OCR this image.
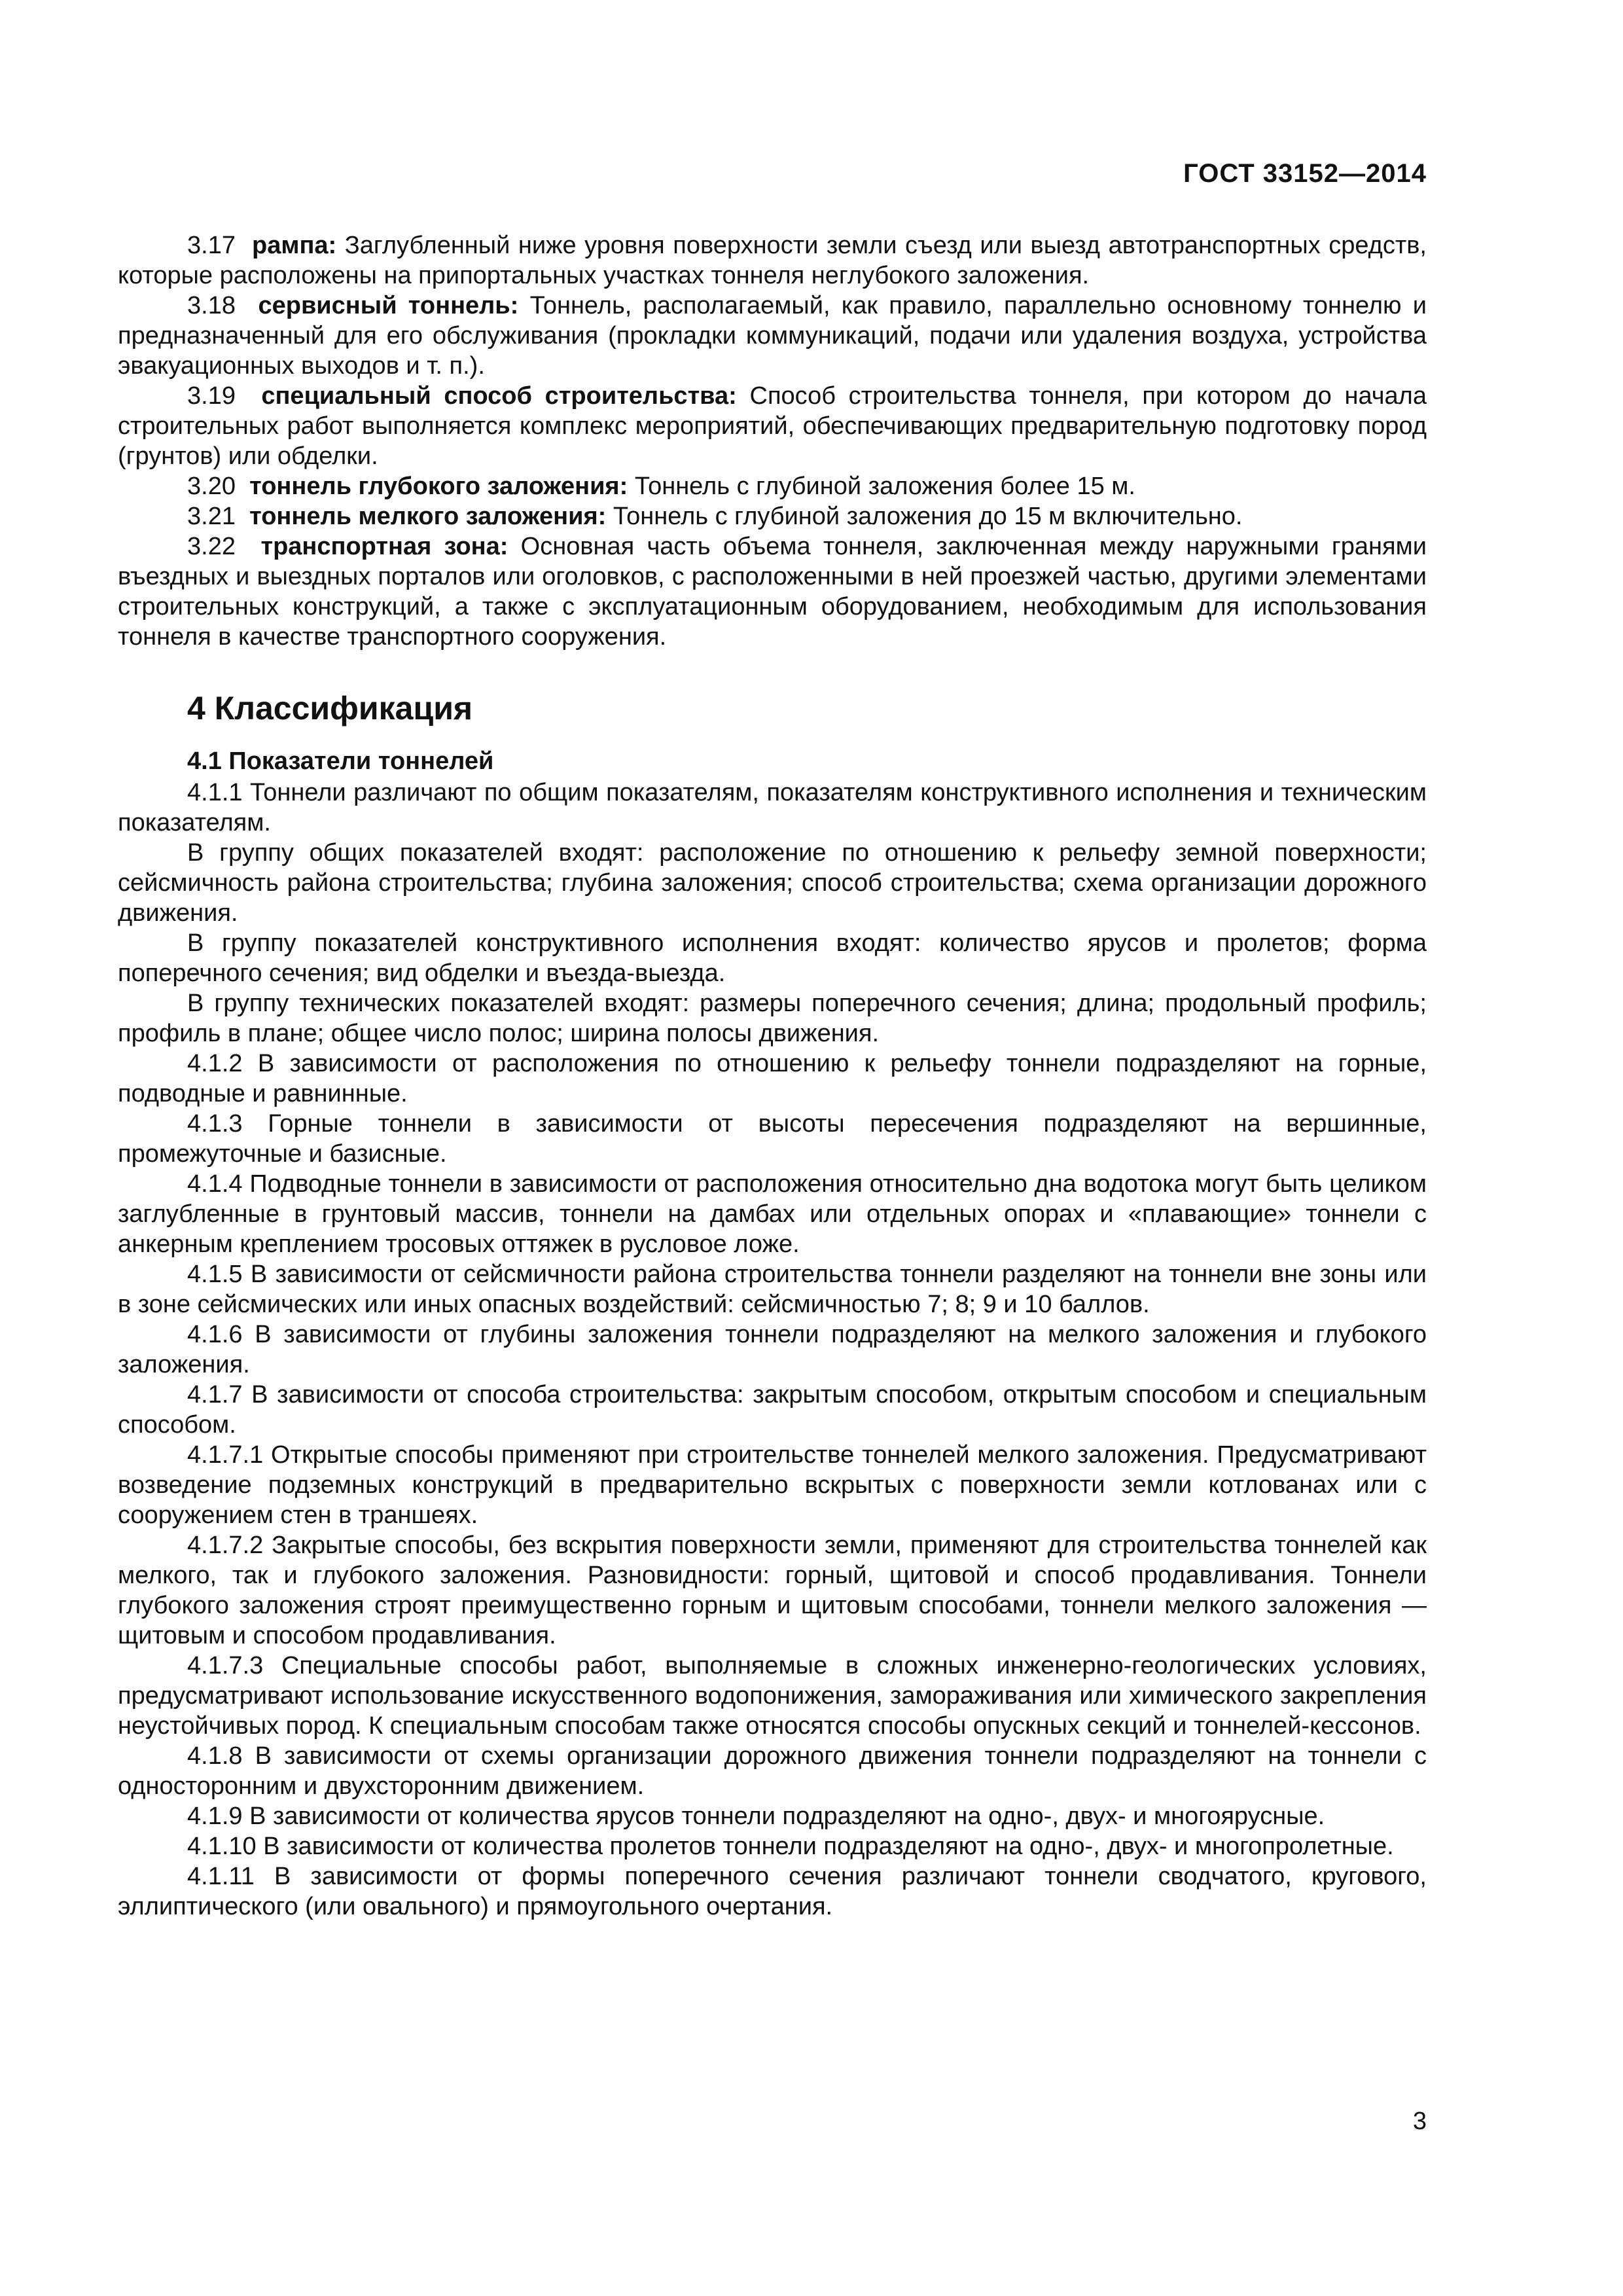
ГОСТ 33152—2014

3.17 рампа: Заглубленный ниже уровня поверхности земли съезд или выезд автотранспортных средств, которые расположены на припортальных участках тоннеля неглубокого заложения.

3.18 сервисный тоннель: Тоннель, располагаемый, как правило, параллельно основному тоннелю и предназначенный для его обслуживания (прокладки коммуникаций, подачи или удаления воздуха, устройства эвакуационных выходов и т. п.).

3.19 специальный способ строительства: Способ строительства тоннеля, при котором до начала строительных работ выполняется комплекс мероприятий, обеспечивающих предварительную подготовку пород (грунтов) или обделки.

3.20 тоннель глубокого заложения: Тоннель с глубиной заложения более 15 м.

3.21 тоннель мелкого заложения: Тоннель с глубиной заложения до 15 м включительно.

3.22 транспортная зона: Основная часть объема тоннеля, заключенная между наружными гранями въездных и выездных порталов или оголовков, с расположенными в ней проезжей частью, другими элементами строительных конструкций, а также с эксплуатационным оборудованием, необходимым для использования тоннеля в качестве транспортного сооружения.

4 Классификация
4.1 Показатели тоннелей

4.1.1 Тоннели различают по общим показателям, показателям конструктивного исполнения и техническим показателям.

В группу общих показателей входят: расположение по отношению к рельефу земной поверхности; сейсмичность района строительства; глубина заложения; способ строительства; схема организации дорожного движения.

В группу показателей конструктивного исполнения входят: количество ярусов и пролетов; форма поперечного сечения; вид обделки и въезда-выезда.

В группу технических показателей входят: размеры поперечного сечения; длина; продольный профиль; профиль в плане; общее число полос; ширина полосы движения.

4.1.2 В зависимости от расположения по отношению к рельефу тоннели подразделяют на горные, подводные и равнинные.

4.1.3 Горные тоннели в зависимости от высоты пересечения подразделяют на вершинные, промежуточные и базисные.

4.1.4 Подводные тоннели в зависимости от расположения относительно дна водотока могут быть целиком заглубленные в грунтовый массив, тоннели на дамбах или отдельных опорах и «плавающие» тоннели с анкерным креплением тросовых оттяжек в русловое ложе.

4.1.5 В зависимости от сейсмичности района строительства тоннели разделяют на тоннели вне зоны или в зоне сейсмических или иных опасных воздействий: сейсмичностью 7; 8; 9 и 10 баллов.

4.1.6 В зависимости от глубины заложения тоннели подразделяют на мелкого заложения и глубокого заложения.

4.1.7 В зависимости от способа строительства: закрытым способом, открытым способом и специальным способом.

4.1.7.1 Открытые способы применяют при строительстве тоннелей мелкого заложения. Предусматривают возведение подземных конструкций в предварительно вскрытых с поверхности земли котлованах или с сооружением стен в траншеях.

4.1.7.2 Закрытые способы, без вскрытия поверхности земли, применяют для строительства тоннелей как мелкого, так и глубокого заложения. Разновидности: горный, щитовой и способ продавливания. Тоннели глубокого заложения строят преимущественно горным и щитовым способами, тоннели мелкого заложения — щитовым и способом продавливания.

4.1.7.3 Специальные способы работ, выполняемые в сложных инженерно-геологических условиях, предусматривают использование искусственного водопонижения, замораживания или химического закрепления неустойчивых пород. К специальным способам также относятся способы опускных секций и тоннелей-кессонов.

4.1.8 В зависимости от схемы организации дорожного движения тоннели подразделяют на тоннели с односторонним и двухсторонним движением.

4.1.9 В зависимости от количества ярусов тоннели подразделяют на одно-, двух- и многоярусные.

4.1.10 В зависимости от количества пролетов тоннели подразделяют на одно-, двух- и многопролетные.

4.1.11 В зависимости от формы поперечного сечения различают тоннели сводчатого, кругового, эллиптического (или овального) и прямоугольного очертания.

3
